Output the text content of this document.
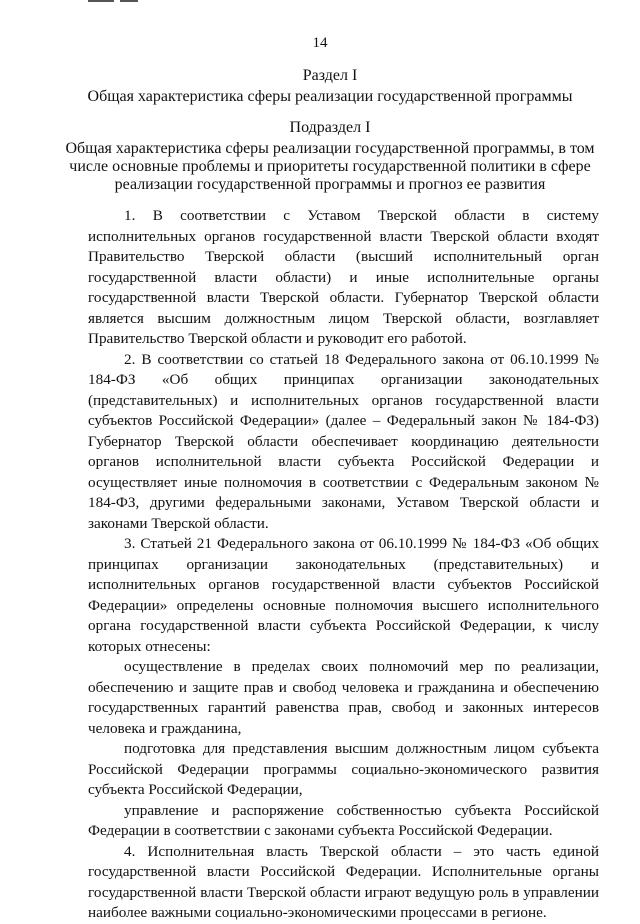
14
Раздел I
Общая характеристика сферы реализации государственной программы
Подраздел I
Общая характеристика сферы реализации государственной программы, в том
числе основные проблемы и приоритеты государственной политики в сфере
реализации государственной программы и прогноз ее развития

1. В соответствии с Уставом Тверской области в систему исполнительных органов государственной власти Тверской области входят Правительство Тверской области (высший исполнительный орган государственной власти области) и иные исполнительные органы государственной власти Тверской области. Губернатор Тверской области является высшим должностным лицом Тверской области, возглавляет Правительство Тверской области и руководит его работой.

2. В соответствии со статьей 18 Федерального закона от 06.10.1999 № 184-ФЗ «Об общих принципах организации законодательных (представительных) и исполнительных органов государственной власти субъектов Российской Федерации» (далее – Федеральный закон № 184-ФЗ) Губернатор Тверской области обеспечивает координацию деятельности органов исполнительной власти субъекта Российской Федерации и осуществляет иные полномочия в соответствии с Федеральным законом № 184-ФЗ, другими федеральными законами, Уставом Тверской области и законами Тверской области.

3. Статьей 21 Федерального закона от 06.10.1999 № 184-ФЗ «Об общих принципах организации законодательных (представительных) и исполнительных органов государственной власти субъектов Российской Федерации» определены основные полномочия высшего исполнительного органа государственной власти субъекта Российской Федерации, к числу которых отнесены:

осуществление в пределах своих полномочий мер по реализации, обеспечению и защите прав и свобод человека и гражданина и обеспечению государственных гарантий равенства прав, свобод и законных интересов человека и гражданина,

подготовка для представления высшим должностным лицом субъекта Российской Федерации программы социально-экономического развития субъекта Российской Федерации,

управление и распоряжение собственностью субъекта Российской Федерации в соответствии с законами субъекта Российской Федерации.

4. Исполнительная власть Тверской области – это часть единой государственной власти Российской Федерации. Исполнительные органы государственной власти Тверской области играют ведущую роль в управлении наиболее важными социально-экономическими процессами в регионе.
